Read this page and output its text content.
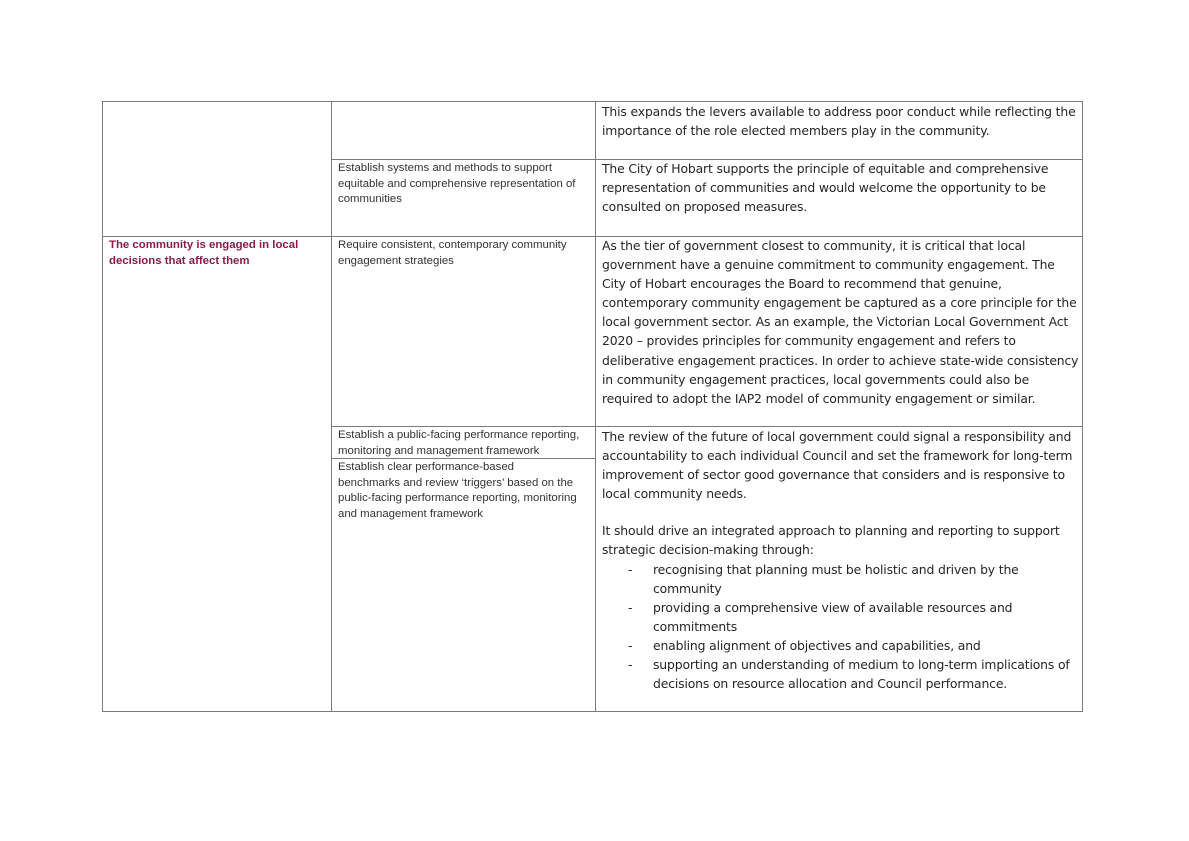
This expands the levers available to address poor conduct while reflecting the importance of the role elected members play in the community.

Establish systems and methods to support equitable and comprehensive representation of communities

The City of Hobart supports the principle of equitable and comprehensive representation of communities and would welcome the opportunity to be consulted on proposed measures.

The community is engaged in local decisions that affect them
Require consistent, contemporary community engagement strategies

As the tier of government closest to community, it is critical that local government have a genuine commitment to community engagement. The City of Hobart encourages the Board to recommend that genuine, contemporary community engagement be captured as a core principle for the local government sector. As an example, the Victorian Local Government Act 2020 – provides principles for community engagement and refers to deliberative engagement practices. In order to achieve state-wide consistency in community engagement practices, local governments could also be required to adopt the IAP2 model of community engagement or similar.

Establish a public-facing performance reporting, monitoring and management framework
Establish clear performance-based benchmarks and review ‘triggers’ based on the public-facing performance reporting, monitoring and management framework

The review of the future of local government could signal a responsibility and accountability to each individual Council and set the framework for long-term improvement of sector good governance that considers and is responsive to local community needs.

It should drive an integrated approach to planning and reporting to support strategic decision-making through:

- recognising that planning must be holistic and driven by the community
- providing a comprehensive view of available resources and commitments
- enabling alignment of objectives and capabilities, and
- supporting an understanding of medium to long-term implications of decisions on resource allocation and Council performance.
